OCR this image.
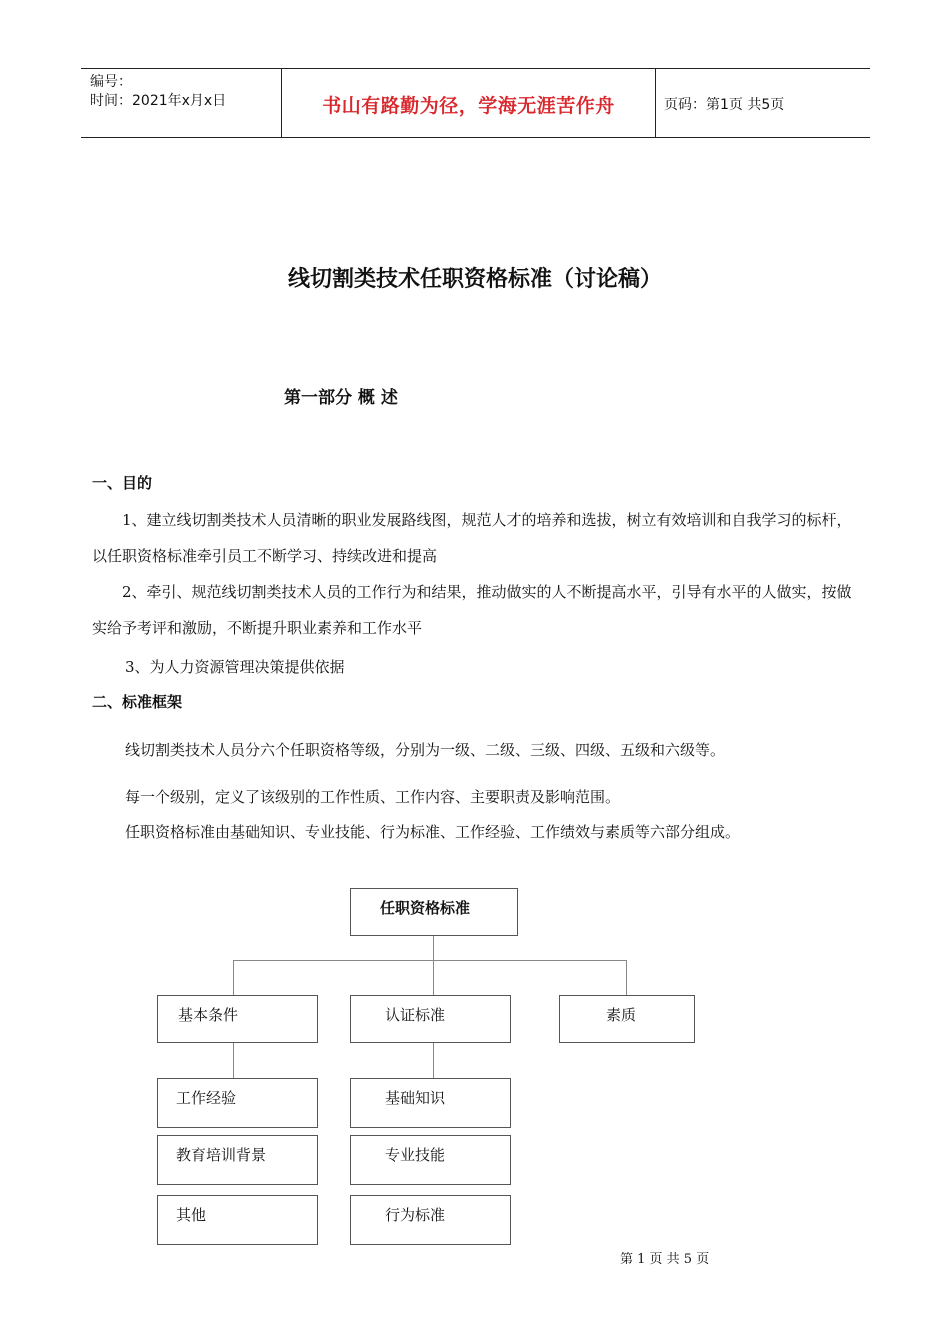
编号：
时间：2021年x月x日	书山有路勤为径，学海无涯苦作舟	页码：第1页 共5页
线切割类技术任职资格标准（讨论稿）
第一部分 概 述
一、目的
1、建立线切割类技术人员清晰的职业发展路线图，规范人才的培养和选拔，树立有效培训和自我学习的标杆，以任职资格标准牵引员工不断学习、持续改进和提高
2、牵引、规范线切割类技术人员的工作行为和结果，推动做实的人不断提高水平，引导有水平的人做实，按做实给予考评和激励，不断提升职业素养和工作水平
3、为人力资源管理决策提供依据
二、标准框架
线切割类技术人员分六个任职资格等级，分别为一级、二级、三级、四级、五级和六级等。
每一个级别，定义了该级别的工作性质、工作内容、主要职责及影响范围。
任职资格标准由基础知识、专业技能、行为标准、工作经验、工作绩效与素质等六部分组成。
任职资格标准
基本条件	认证标准	素质
工作经验
教育培训背景
其他
基础知识
专业技能
行为标准
第 1 页 共 5 页
